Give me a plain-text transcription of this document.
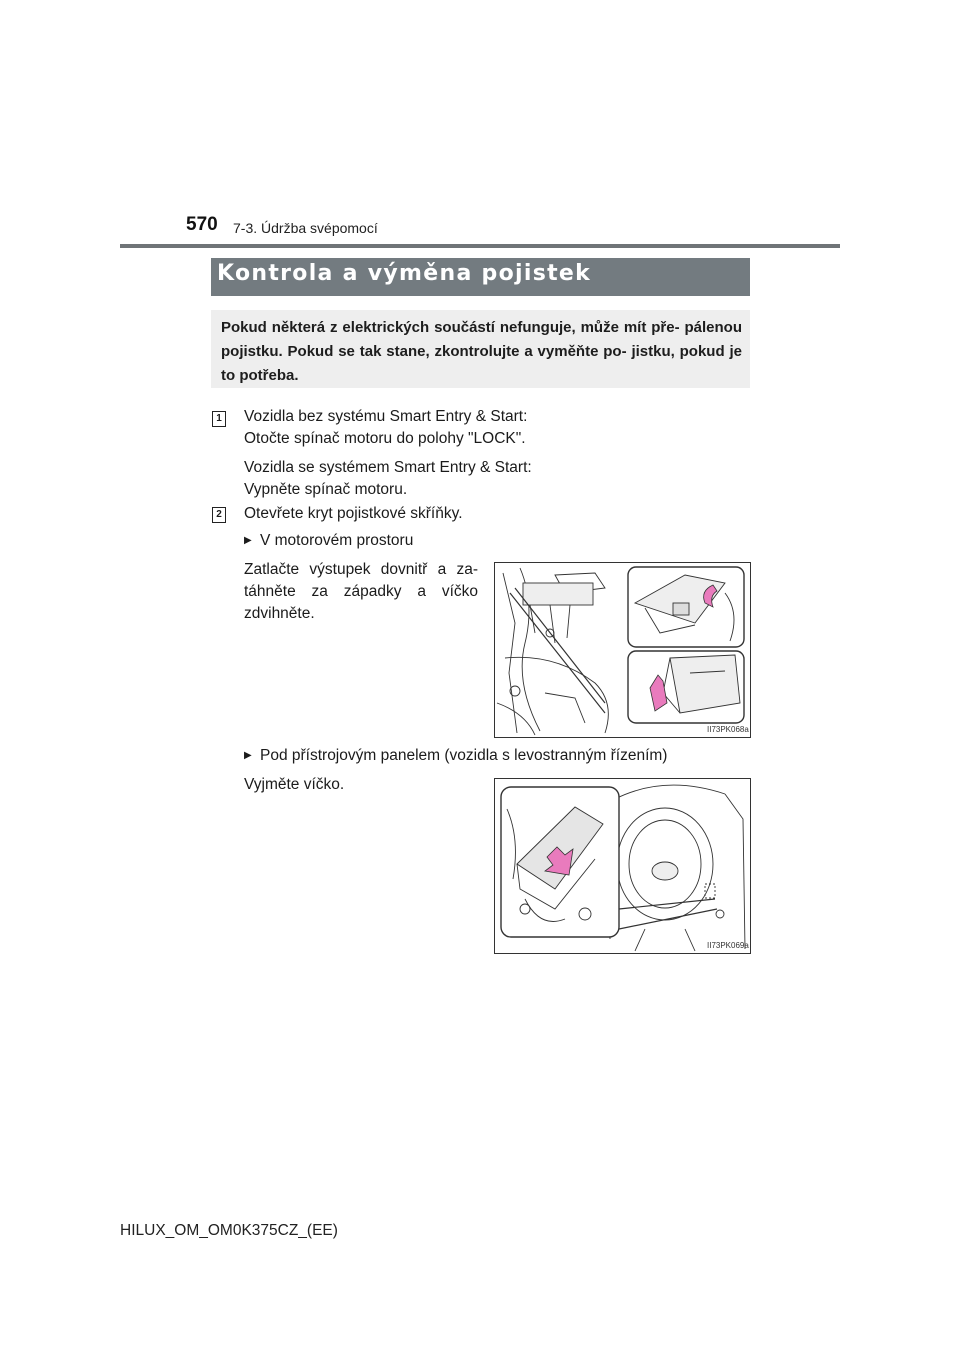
570 7-3. Údržba svépomocí
Kontrola a výměna pojistek
Pokud některá z elektrických součástí nefunguje, může mít pře- pálenou pojistku. Pokud se tak stane, zkontrolujte a vyměňte po- jistku, pokud je to potřeba.
1 Vozidla bez systému Smart Entry & Start:
Otočte spínač motoru do polohy "LOCK".
Vozidla se systémem Smart Entry & Start:
Vypněte spínač motoru.
2 Otevřete kryt pojistkové skříňky.
▶ V motorovém prostoru
Zatlačte výstupek dovnitř a za- táhněte za západky a víčko zdvihněte.
II73PK068a
▶ Pod přístrojovým panelem (vozidla s levostranným řízením)
Vyjměte víčko.
II73PK069a
HILUX_OM_OM0K375CZ_(EE)
